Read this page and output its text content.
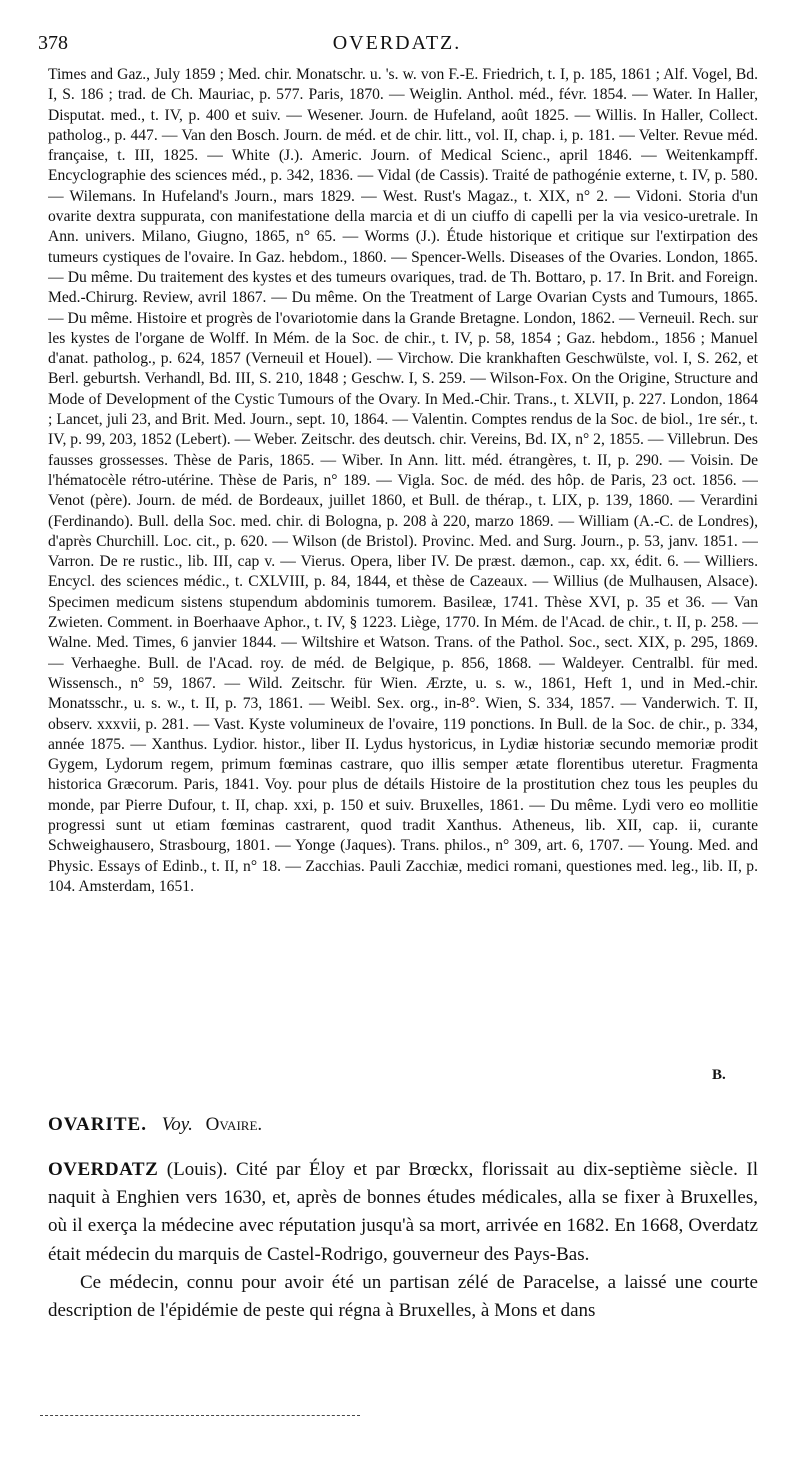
378	OVERDATZ.

Times and Gaz., July 1859 ; Med. chir. Monatschr. u. 's. w. von F.-E. Friedrich, t. I, p. 185, 1861 ; Alf. Vogel, Bd. I, S. 186 ; trad. de Ch. Mauriac, p. 577. Paris, 1870. — Weiglin. Anthol. méd., févr. 1854. — Water. In Haller, Disputat. med., t. IV, p. 400 et suiv. — Wesener. Journ. de Hufeland, août 1825. — Willis. In Haller, Collect. patholog., p. 447. — Van den Bosch. Journ. de méd. et de chir. litt., vol. II, chap. i, p. 181. — Velter. Revue méd. française, t. III, 1825. — White (J.). Americ. Journ. of Medical Scienc., april 1846. — Weitenkampff. Encyclographie des sciences méd., p. 342, 1836. — Vidal (de Cassis). Traité de pathogénie externe, t. IV, p. 580. — Wilemans. In Hufeland's Journ., mars 1829. — West. Rust's Magaz., t. XIX, n° 2. — Vidoni. Storia d'un ovarite dextra suppurata, con manifestatione della marcia et di un ciuffo di capelli per la via vesico-uretrale. In Ann. univers. Milano, Giugno, 1865, n° 65. — Worms (J.). Étude historique et critique sur l'extirpation des tumeurs cystiques de l'ovaire. In Gaz. hebdom., 1860. — Spencer-Wells. Diseases of the Ovaries. London, 1865. — Du même. Du traitement des kystes et des tumeurs ovariques, trad. de Th. Bottaro, p. 17. In Brit. and Foreign. Med.-Chirurg. Review, avril 1867. — Du même. On the Treatment of Large Ovarian Cysts and Tumours, 1865. — Du même. Histoire et progrès de l'ovariotomie dans la Grande Bretagne. London, 1862. — Verneuil. Rech. sur les kystes de l'organe de Wolff. In Mém. de la Soc. de chir., t. IV, p. 58, 1854 ; Gaz. hebdom., 1856 ; Manuel d'anat. patholog., p. 624, 1857 (Verneuil et Houel). — Virchow. Die krankhaften Geschwülste, vol. I, S. 262, et Berl. geburtsh. Verhandl, Bd. III, S. 210, 1848 ; Geschw. I, S. 259. — Wilson-Fox. On the Origine, Structure and Mode of Development of the Cystic Tumours of the Ovary. In Med.-Chir. Trans., t. XLVII, p. 227. London, 1864 ; Lancet, juli 23, and Brit. Med. Journ., sept. 10, 1864. — Valentin. Comptes rendus de la Soc. de biol., 1re sér., t. IV, p. 99, 203, 1852 (Lebert). — Weber. Zeitschr. des deutsch. chir. Vereins, Bd. IX, n° 2, 1855. — Villebrun. Des fausses grossesses. Thèse de Paris, 1865. — Wiber. In Ann. litt. méd. étrangères, t. II, p. 290. — Voisin. De l'hématocèle rétro-utérine. Thèse de Paris, n° 189. — Vigla. Soc. de méd. des hôp. de Paris, 23 oct. 1856. — Venot (père). Journ. de méd. de Bordeaux, juillet 1860, et Bull. de thérap., t. LIX, p. 139, 1860. — Verardini (Ferdinando). Bull. della Soc. med. chir. di Bologna, p. 208 à 220, marzo 1869. — William (A.-C. de Londres), d'après Churchill. Loc. cit., p. 620. — Wilson (de Bristol). Provinc. Med. and Surg. Journ., p. 53, janv. 1851. — Varron. De re rustic., lib. III, cap v. — Vierus. Opera, liber IV. De præst. dæmon., cap. xx, édit. 6. — Williers. Encycl. des sciences médic., t. CXLVIII, p. 84, 1844, et thèse de Cazeaux. — Willius (de Mulhausen, Alsace). Specimen medicum sistens stupendum abdominis tumorem. Basileæ, 1741. Thèse XVI, p. 35 et 36. — Van Zwieten. Comment. in Boerhaave Aphor., t. IV, § 1223. Liège, 1770. In Mém. de l'Acad. de chir., t. II, p. 258. — Walne. Med. Times, 6 janvier 1844. — Wiltshire et Watson. Trans. of the Pathol. Soc., sect. XIX, p. 295, 1869. — Verhaeghe. Bull. de l'Acad. roy. de méd. de Belgique, p. 856, 1868. — Waldeyer. Centralbl. für med. Wissensch., n° 59, 1867. — Wild. Zeitschr. für Wien. Ærzte, u. s. w., 1861, Heft 1, und in Med.-chir. Monatsschr., u. s. w., t. II, p. 73, 1861. — Weibl. Sex. org., in-8°. Wien, S. 334, 1857. — Vanderwich. T. II, observ. xxxvii, p. 281. — Vast. Kyste volumineux de l'ovaire, 119 ponctions. In Bull. de la Soc. de chir., p. 334, année 1875. — Xanthus. Lydior. histor., liber II. Lydus hystoricus, in Lydiæ historiæ secundo memoriæ prodit Gygem, Lydorum regem, primum fœminas castrare, quo illis semper ætate florentibus uteretur. Fragmenta historica Græcorum. Paris, 1841. Voy. pour plus de détails Histoire de la prostitution chez tous les peuples du monde, par Pierre Dufour, t. II, chap. xxi, p. 150 et suiv. Bruxelles, 1861. — Du même. Lydi vero eo mollitie progressi sunt ut etiam fœminas castrarent, quod tradit Xanthus. Atheneus, lib. XII, cap. ii, curante Schweighausero, Strasbourg, 1801. — Yonge (Jaques). Trans. philos., n° 309, art. 6, 1707. — Young. Med. and Physic. Essays of Edinb., t. II, n° 18. — Zacchias. Pauli Zacchiæ, medici romani, questiones med. leg., lib. II, p. 104. Amsterdam, 1651.

B.
OVARITE. Voy. Ovaire.

OVERDATZ (Louis). Cité par Éloy et par Brœckx, florissait au dix-septième siècle. Il naquit à Enghien vers 1630, et, après de bonnes études médicales, alla se fixer à Bruxelles, où il exerça la médecine avec réputation jusqu'à sa mort, arrivée en 1682. En 1668, Overdatz était médecin du marquis de Castel-Rodrigo, gouverneur des Pays-Bas.

Ce médecin, connu pour avoir été un partisan zélé de Paracelse, a laissé une courte description de l'épidémie de peste qui régna à Bruxelles, à Mons et dans
